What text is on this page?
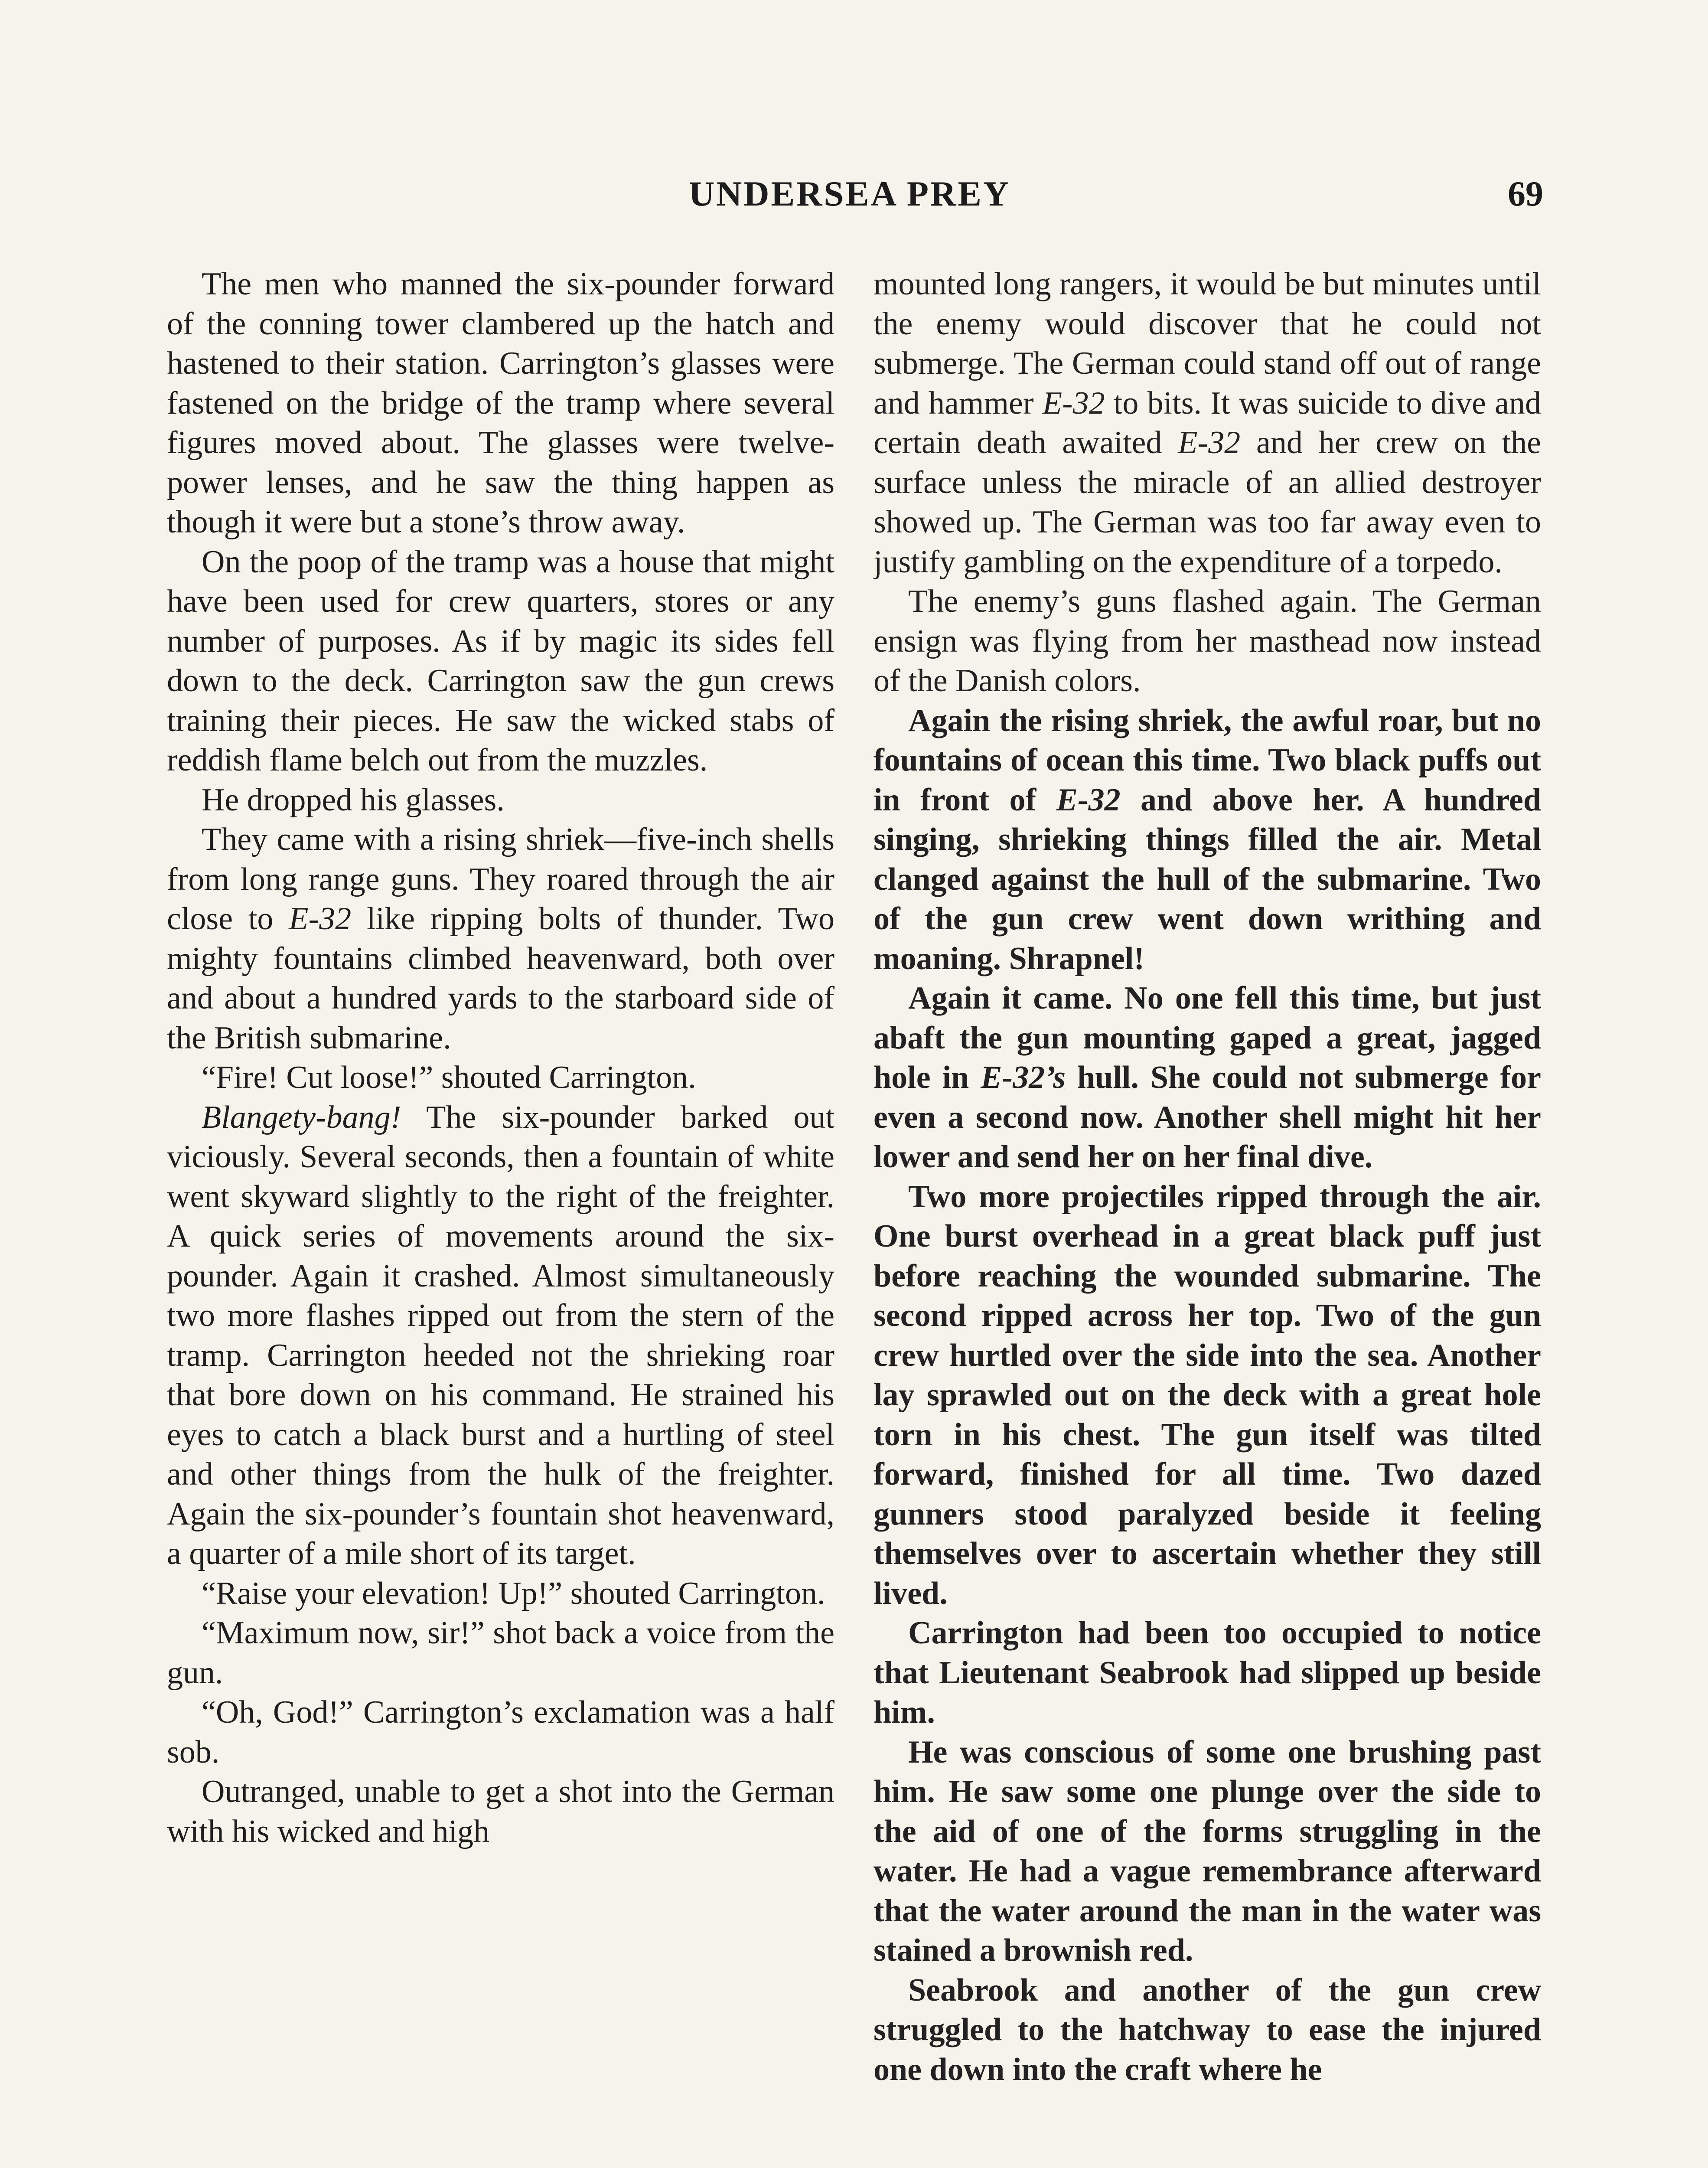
UNDERSEA PREY	69

The men who manned the six-pounder forward of the conning tower clambered up the hatch and hastened to their station. Carrington’s glasses were fastened on the bridge of the tramp where several figures moved about. The glasses were twelve-power lenses, and he saw the thing happen as though it were but a stone’s throw away.

On the poop of the tramp was a house that might have been used for crew quarters, stores or any number of purposes. As if by magic its sides fell down to the deck. Carrington saw the gun crews training their pieces. He saw the wicked stabs of reddish flame belch out from the muzzles.

He dropped his glasses.

They came with a rising shriek—five-inch shells from long range guns. They roared through the air close to E-32 like ripping bolts of thunder. Two mighty fountains climbed heavenward, both over and about a hundred yards to the starboard side of the British submarine.

“Fire! Cut loose!” shouted Carrington.

Blangety-bang! The six-pounder barked out viciously. Several seconds, then a fountain of white went skyward slightly to the right of the freighter. A quick series of movements around the six-pounder. Again it crashed. Almost simultaneously two more flashes ripped out from the stern of the tramp. Carrington heeded not the shrieking roar that bore down on his command. He strained his eyes to catch a black burst and a hurtling of steel and other things from the hulk of the freighter. Again the six-pounder’s fountain shot heavenward, a quarter of a mile short of its target.

“Raise your elevation! Up!” shouted Carrington.

“Maximum now, sir!” shot back a voice from the gun.

“Oh, God!” Carrington’s exclamation was a half sob.

Outranged, unable to get a shot into the German with his wicked and high

mounted long rangers, it would be but minutes until the enemy would discover that he could not submerge. The German could stand off out of range and hammer E-32 to bits. It was suicide to dive and certain death awaited E-32 and her crew on the surface unless the miracle of an allied destroyer showed up. The German was too far away even to justify gambling on the expenditure of a torpedo.

The enemy’s guns flashed again. The German ensign was flying from her masthead now instead of the Danish colors.

Again the rising shriek, the awful roar, but no fountains of ocean this time. Two black puffs out in front of E-32 and above her. A hundred singing, shrieking things filled the air. Metal clanged against the hull of the submarine. Two of the gun crew went down writhing and moaning. Shrapnel!

Again it came. No one fell this time, but just abaft the gun mounting gaped a great, jagged hole in E-32’s hull. She could not submerge for even a second now. Another shell might hit her lower and send her on her final dive.

Two more projectiles ripped through the air. One burst overhead in a great black puff just before reaching the wounded submarine. The second ripped across her top. Two of the gun crew hurtled over the side into the sea. Another lay sprawled out on the deck with a great hole torn in his chest. The gun itself was tilted forward, finished for all time. Two dazed gunners stood paralyzed beside it feeling themselves over to ascertain whether they still lived.

Carrington had been too occupied to notice that Lieutenant Seabrook had slipped up beside him.

He was conscious of some one brushing past him. He saw some one plunge over the side to the aid of one of the forms struggling in the water. He had a vague remembrance afterward that the water around the man in the water was stained a brownish red.

Seabrook and another of the gun crew struggled to the hatchway to ease the injured one down into the craft where he
